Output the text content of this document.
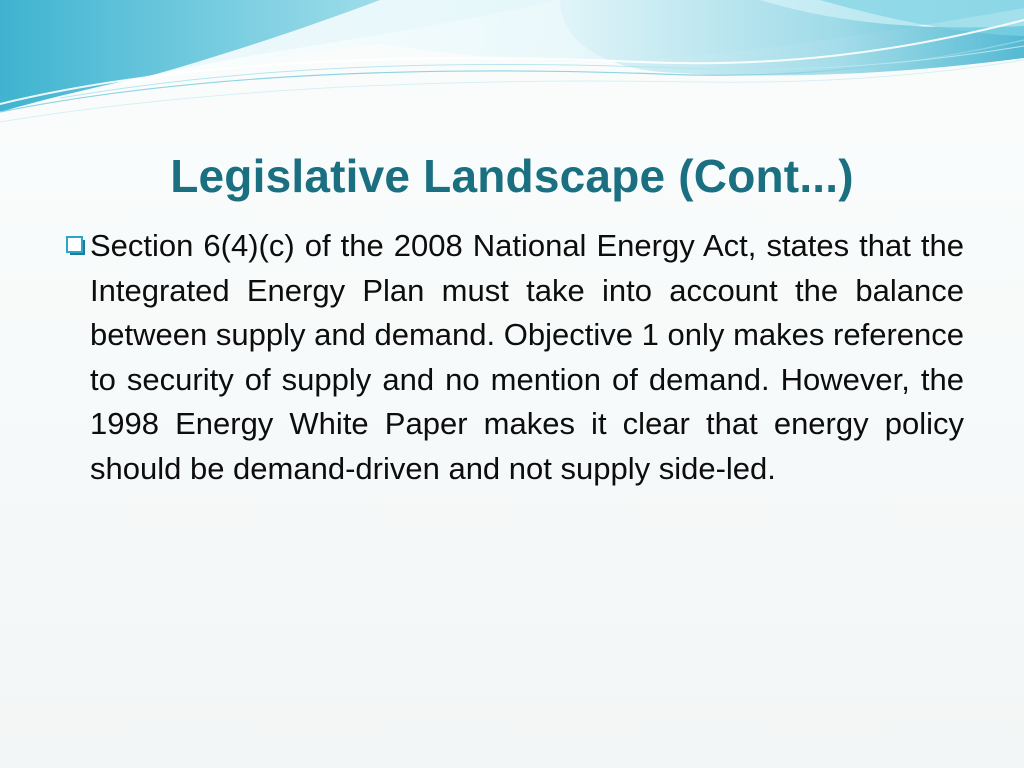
Legislative Landscape (Cont...)

Section 6(4)(c) of the 2008 National Energy Act, states that the Integrated Energy Plan must take into account the balance between supply and demand. Objective 1 only makes reference to security of supply and no mention of demand. However, the 1998 Energy White Paper makes it clear that energy policy should be demand-driven and not supply side-led.
